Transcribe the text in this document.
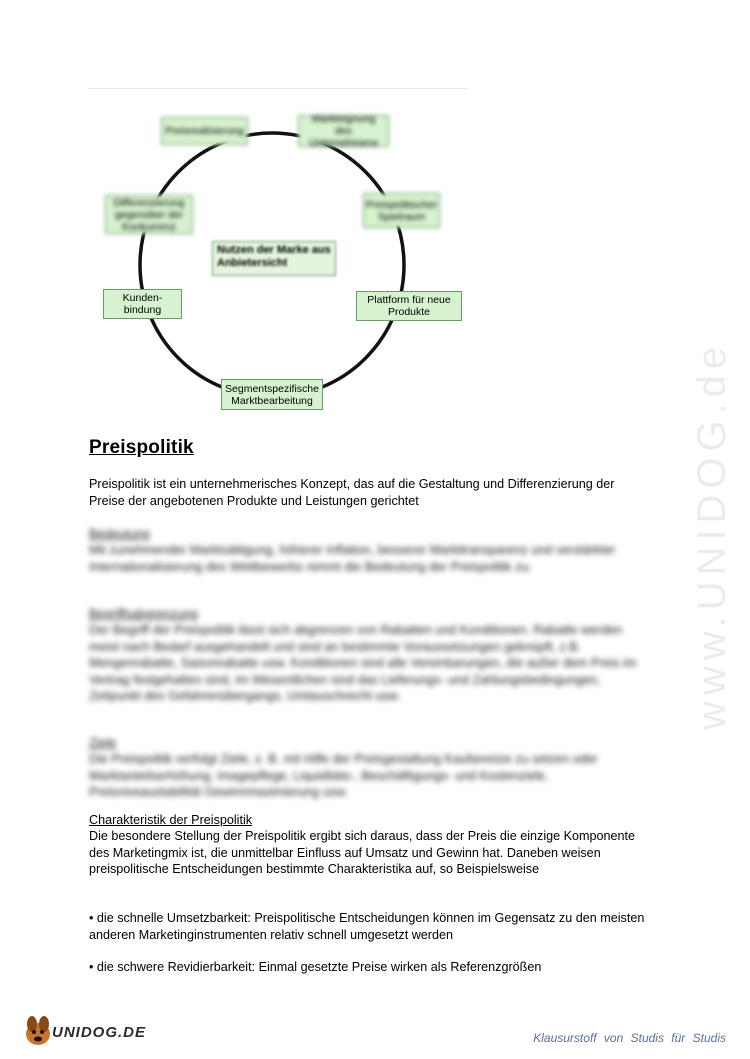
Nutzen der Marke aus Anbietersicht
Preisrealisierung
Markteignung des Unternehmens
Differenzierung gegenüber der Konkurrenz
Preispolitischer Spielraum
Kunden-
bindung
Plattform für neue Produkte
Segmentspezifische Marktbearbeitung
Preispolitik
Preispolitik ist ein unternehmerisches Konzept, das auf die Gestaltung und Differenzierung der Preise der angebotenen Produkte und Leistungen gerichtet
Bedeutung
Mit zunehmender Marktsättigung, höherer Inflation, besserer Markttransparenz und verstärkter Internationalisierung des Wettbewerbs nimmt die Bedeutung der Preispolitik zu.
Begriffsabgrenzung
Der Begriff der Preispolitik lässt sich abgrenzen von Rabatten und Konditionen. Rabatte werden meist nach Bedarf ausgehandelt und sind an bestimmte Voraussetzungen geknüpft, z.B. Mengenrabatte, Saisonrabatte usw. Konditionen sind alle Vereinbarungen, die außer dem Preis im Vertrag festgehalten sind, im Wesentlichen sind das Lieferungs- und Zahlungsbedingungen, Zeitpunkt des Gefahrenübergangs, Umtauschrecht usw.
Ziele
Die Preispolitik verfolgt Ziele, z. B. mit Hilfe der Preisgestaltung Kaufanreize zu setzen oder Marktanteilserhöhung, Imagepflege, Liquiditäts-, Beschäftigungs- und Kostenziele, Preisniveaustabilität Gewinnmaximierung usw.
Charakteristik der Preispolitik
Die besondere Stellung der Preispolitik ergibt sich daraus, dass der Preis die einzige Komponente des Marketingmix ist, die unmittelbar Einfluss auf Umsatz und Gewinn hat. Daneben weisen preispolitische Entscheidungen bestimmte Charakteristika auf, so Beispielsweise
• die schnelle Umsetzbarkeit: Preispolitische Entscheidungen können im Gegensatz zu den meisten anderen Marketinginstrumenten relativ schnell umgesetzt werden
• die schwere Revidierbarkeit: Einmal gesetzte Preise wirken als Referenzgrößen
www.UNIDOG.de
UNIDOG.DE	Klausurstoff von Studis für Studis
